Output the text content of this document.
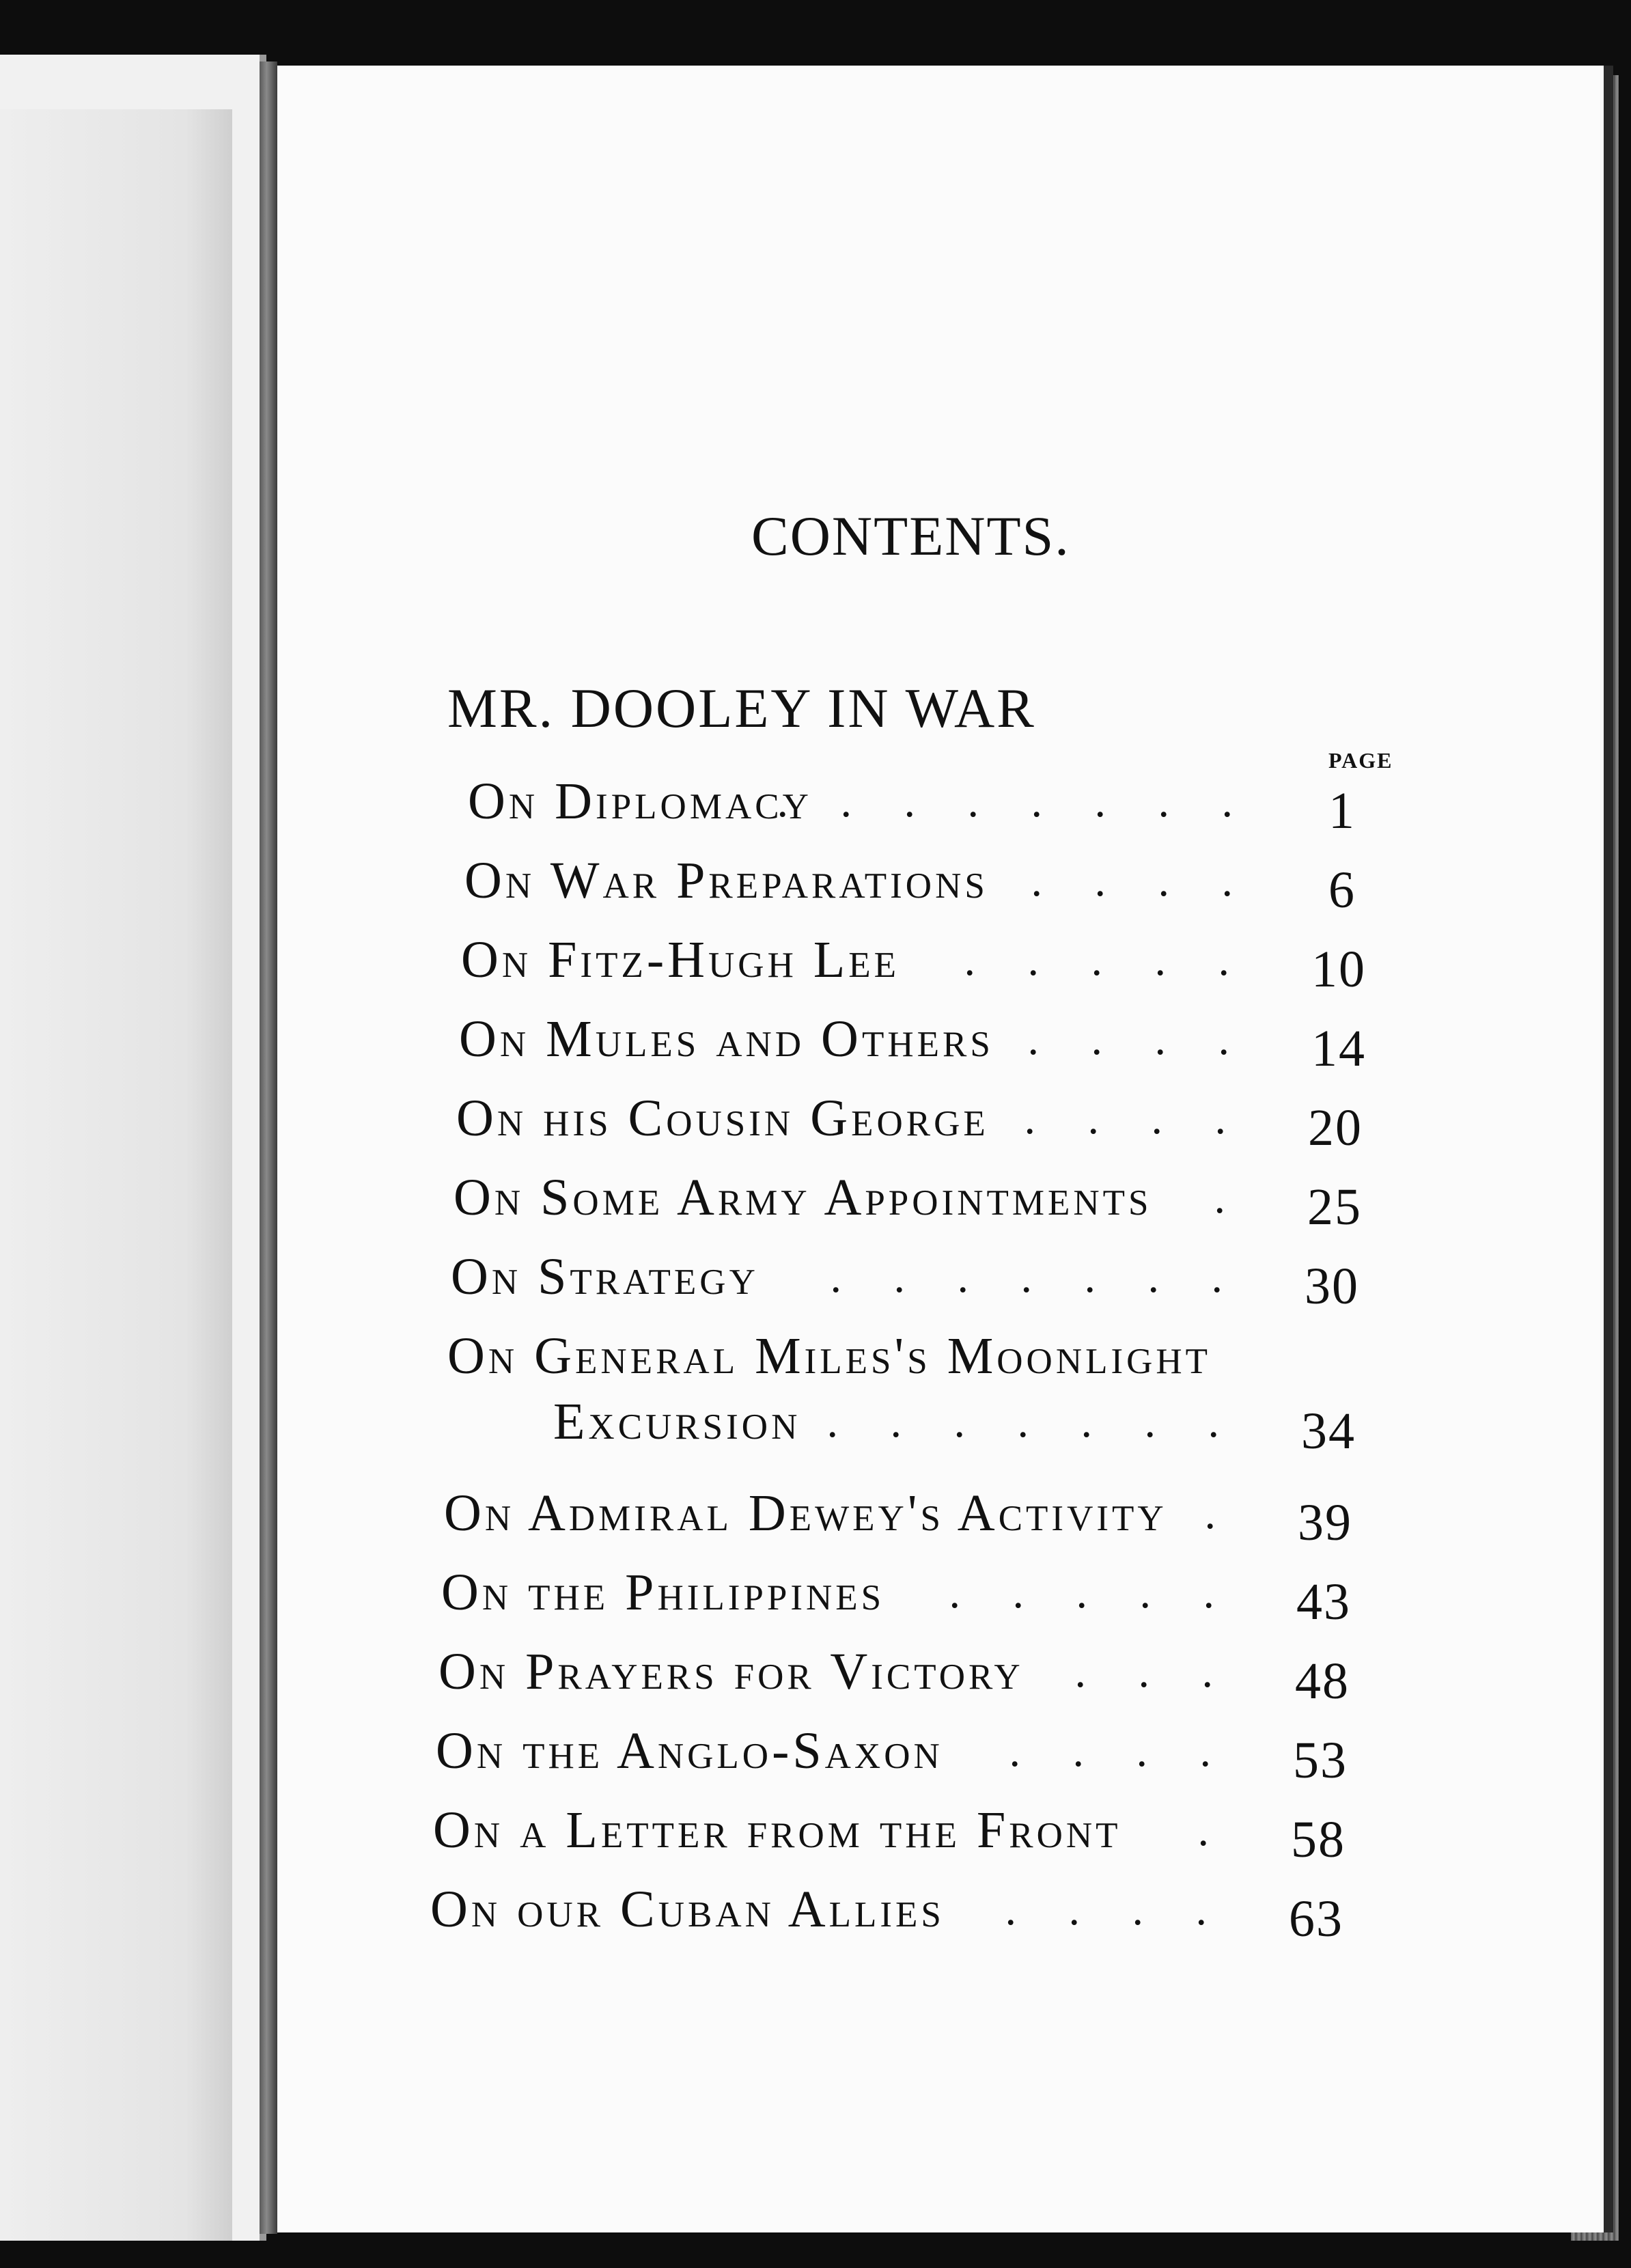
CONTENTS.
MR. DOOLEY IN WAR
PAGE
On Diplomacy
. . . . . . . .	1
On War Preparations . . . .	6
On Fitz-Hugh Lee . . . . . 10
On Mules and Others . . . . 14
On his Cousin George . . . . 20
On Some Army Appointments . 25
On Strategy . . . . . . . 30
On General Miles's Moonlight
Excursion . . . . . . . 34
On Admiral Dewey's Activity . 39
On the Philippines . . . . . 43
On Prayers for Victory . . . 48
On the Anglo-Saxon . . . . 53
On a Letter from the Front . 58
On our Cuban Allies . . . . 63
